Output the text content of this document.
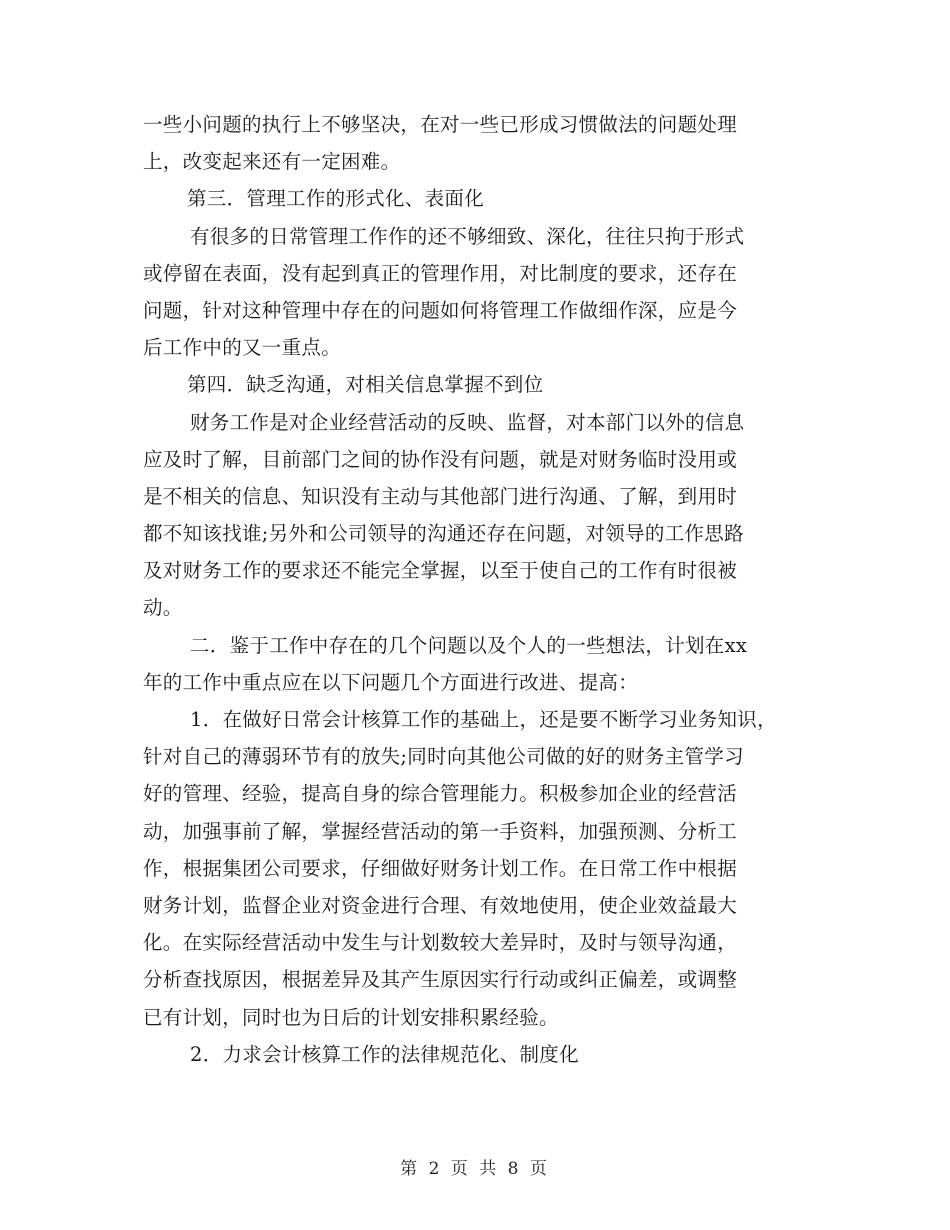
一些小问题的执行上不够坚决，在对一些已形成习惯做法的问题处理
上，改变起来还有一定困难。
第三．管理工作的形式化、表面化
有很多的日常管理工作作的还不够细致、深化，往往只拘于形式
或停留在表面，没有起到真正的管理作用，对比制度的要求，还存在
问题，针对这种管理中存在的问题如何将管理工作做细作深，应是今
后工作中的又一重点。
第四．缺乏沟通，对相关信息掌握不到位
财务工作是对企业经营活动的反映、监督，对本部门以外的信息
应及时了解，目前部门之间的协作没有问题，就是对财务临时没用或
是不相关的信息、知识没有主动与其他部门进行沟通、了解，到用时
都不知该找谁;另外和公司领导的沟通还存在问题，对领导的工作思路
及对财务工作的要求还不能完全掌握，以至于使自己的工作有时很被
动。
二．鉴于工作中存在的几个问题以及个人的一些想法，计划在xx
年的工作中重点应在以下问题几个方面进行改进、提高：
1．在做好日常会计核算工作的基础上，还是要不断学习业务知识，
针对自己的薄弱环节有的放失;同时向其他公司做的好的财务主管学习
好的管理、经验，提高自身的综合管理能力。积极参加企业的经营活
动，加强事前了解，掌握经营活动的第一手资料，加强预测、分析工
作，根据集团公司要求，仔细做好财务计划工作。在日常工作中根据
财务计划，监督企业对资金进行合理、有效地使用，使企业效益最大
化。在实际经营活动中发生与计划数较大差异时，及时与领导沟通，
分析查找原因，根据差异及其产生原因实行行动或纠正偏差，或调整
已有计划，同时也为日后的计划安排积累经验。
2．力求会计核算工作的法律规范化、制度化
第 2 页 共 8 页
